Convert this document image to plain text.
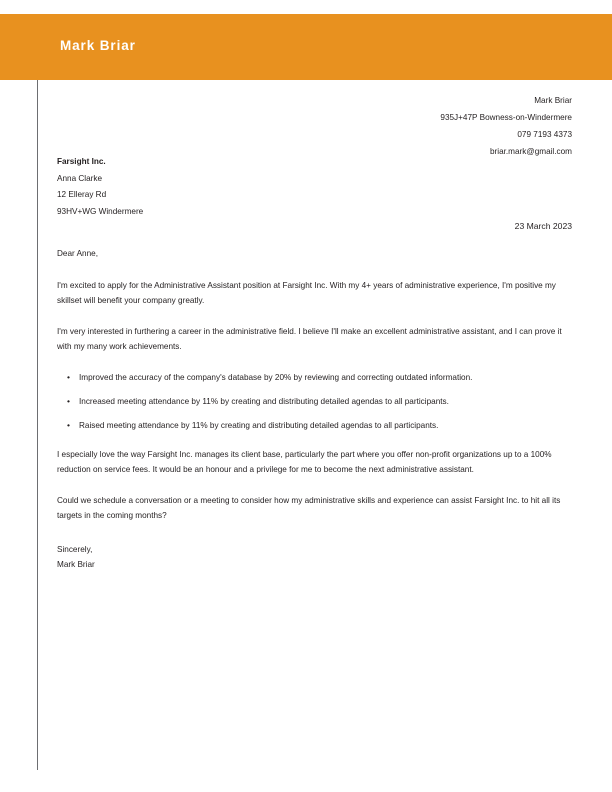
Mark Briar
Mark Briar
935J+47P Bowness-on-Windermere
079 7193 4373
briar.mark@gmail.com
Farsight Inc.
Anna Clarke
12 Elleray Rd
93HV+WG Windermere
23 March 2023

Dear Anne,

I'm excited to apply for the Administrative Assistant position at Farsight Inc. With my 4+ years of administrative experience, I'm positive my skillset will benefit your company greatly.

I'm very interested in furthering a career in the administrative field. I believe I'll make an excellent administrative assistant, and I can prove it with my many work achievements.

• Improved the accuracy of the company's database by 20% by reviewing and correcting outdated information.
• Increased meeting attendance by 11% by creating and distributing detailed agendas to all participants.
• Raised meeting attendance by 11% by creating and distributing detailed agendas to all participants.

I especially love the way Farsight Inc. manages its client base, particularly the part where you offer non-profit organizations up to a 100% reduction on service fees. It would be an honour and a privilege for me to become the next administrative assistant.

Could we schedule a conversation or a meeting to consider how my administrative skills and experience can assist Farsight Inc. to hit all its targets in the coming months?

Sincerely,

Mark Briar
